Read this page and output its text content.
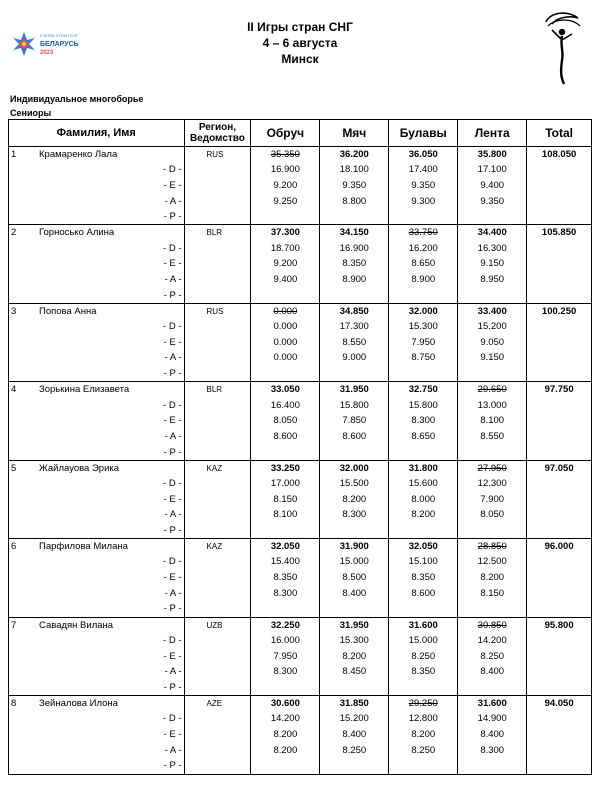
II ИГРЫ СТРАН СНГ
БЕЛАРУСЬ
2023
II Игры стран СНГ
4 – 6 августа
Минск
Индивидуальное многоборье
Сениоры
Фамилия, Имя	Регион, Ведомство	Обруч	Мяч	Булавы	Лента	Total

1 Крамаренко Лала	RUS	35.350	36.200	36.050	35.800	108.050
- D -		16.900	18.100	17.400	17.100	
- E -		9.200	9.350	9.350	9.400	
- A -		9.250	8.800	9.300	9.350	
- P -						

2 Горносько Алина	BLR	37.300	34.150	33.750	34.400	105.850
- D -		18.700	16.900	16.200	16.300	
- E -		9.200	8.350	8.650	9.150	
- A -		9.400	8.900	8.900	8.950	
- P -						

3 Попова Анна	RUS	0.000	34.850	32.000	33.400	100.250
- D -		0.000	17.300	15.300	15.200	
- E -		0.000	8.550	7.950	9.050	
- A -		0.000	9.000	8.750	9.150	
- P -						

4 Зорькина Елизавета	BLR	33.050	31.950	32.750	29.650	97.750
- D -		16.400	15.800	15.800	13.000	
- E -		8.050	7.850	8.300	8.100	
- A -		8.600	8.600	8.650	8.550	
- P -						

5 Жайлауова Эрика	KAZ	33.250	32.000	31.800	27.950	97.050
- D -		17.000	15.500	15.600	12.300	
- E -		8.150	8.200	8.000	7.900	
- A -		8.100	8.300	8.200	8.050	
- P -						

6 Парфилова Милана	KAZ	32.050	31.900	32.050	28.850	96.000
- D -		15.400	15.000	15.100	12.500	
- E -		8.350	8.500	8.350	8.200	
- A -		8.300	8.400	8.600	8.150	
- P -						

7 Савадян Вилана	UZB	32.250	31.950	31.600	30.850	95.800
- D -		16.000	15.300	15.000	14.200	
- E -		7.950	8.200	8.250	8.250	
- A -		8.300	8.450	8.350	8.400	
- P -						

8 Зейналова Илона	AZE	30.600	31.850	29.250	31.600	94.050
- D -		14.200	15.200	12.800	14.900	
- E -		8.200	8.400	8.200	8.400	
- A -		8.200	8.250	8.250	8.300	
- P -						
